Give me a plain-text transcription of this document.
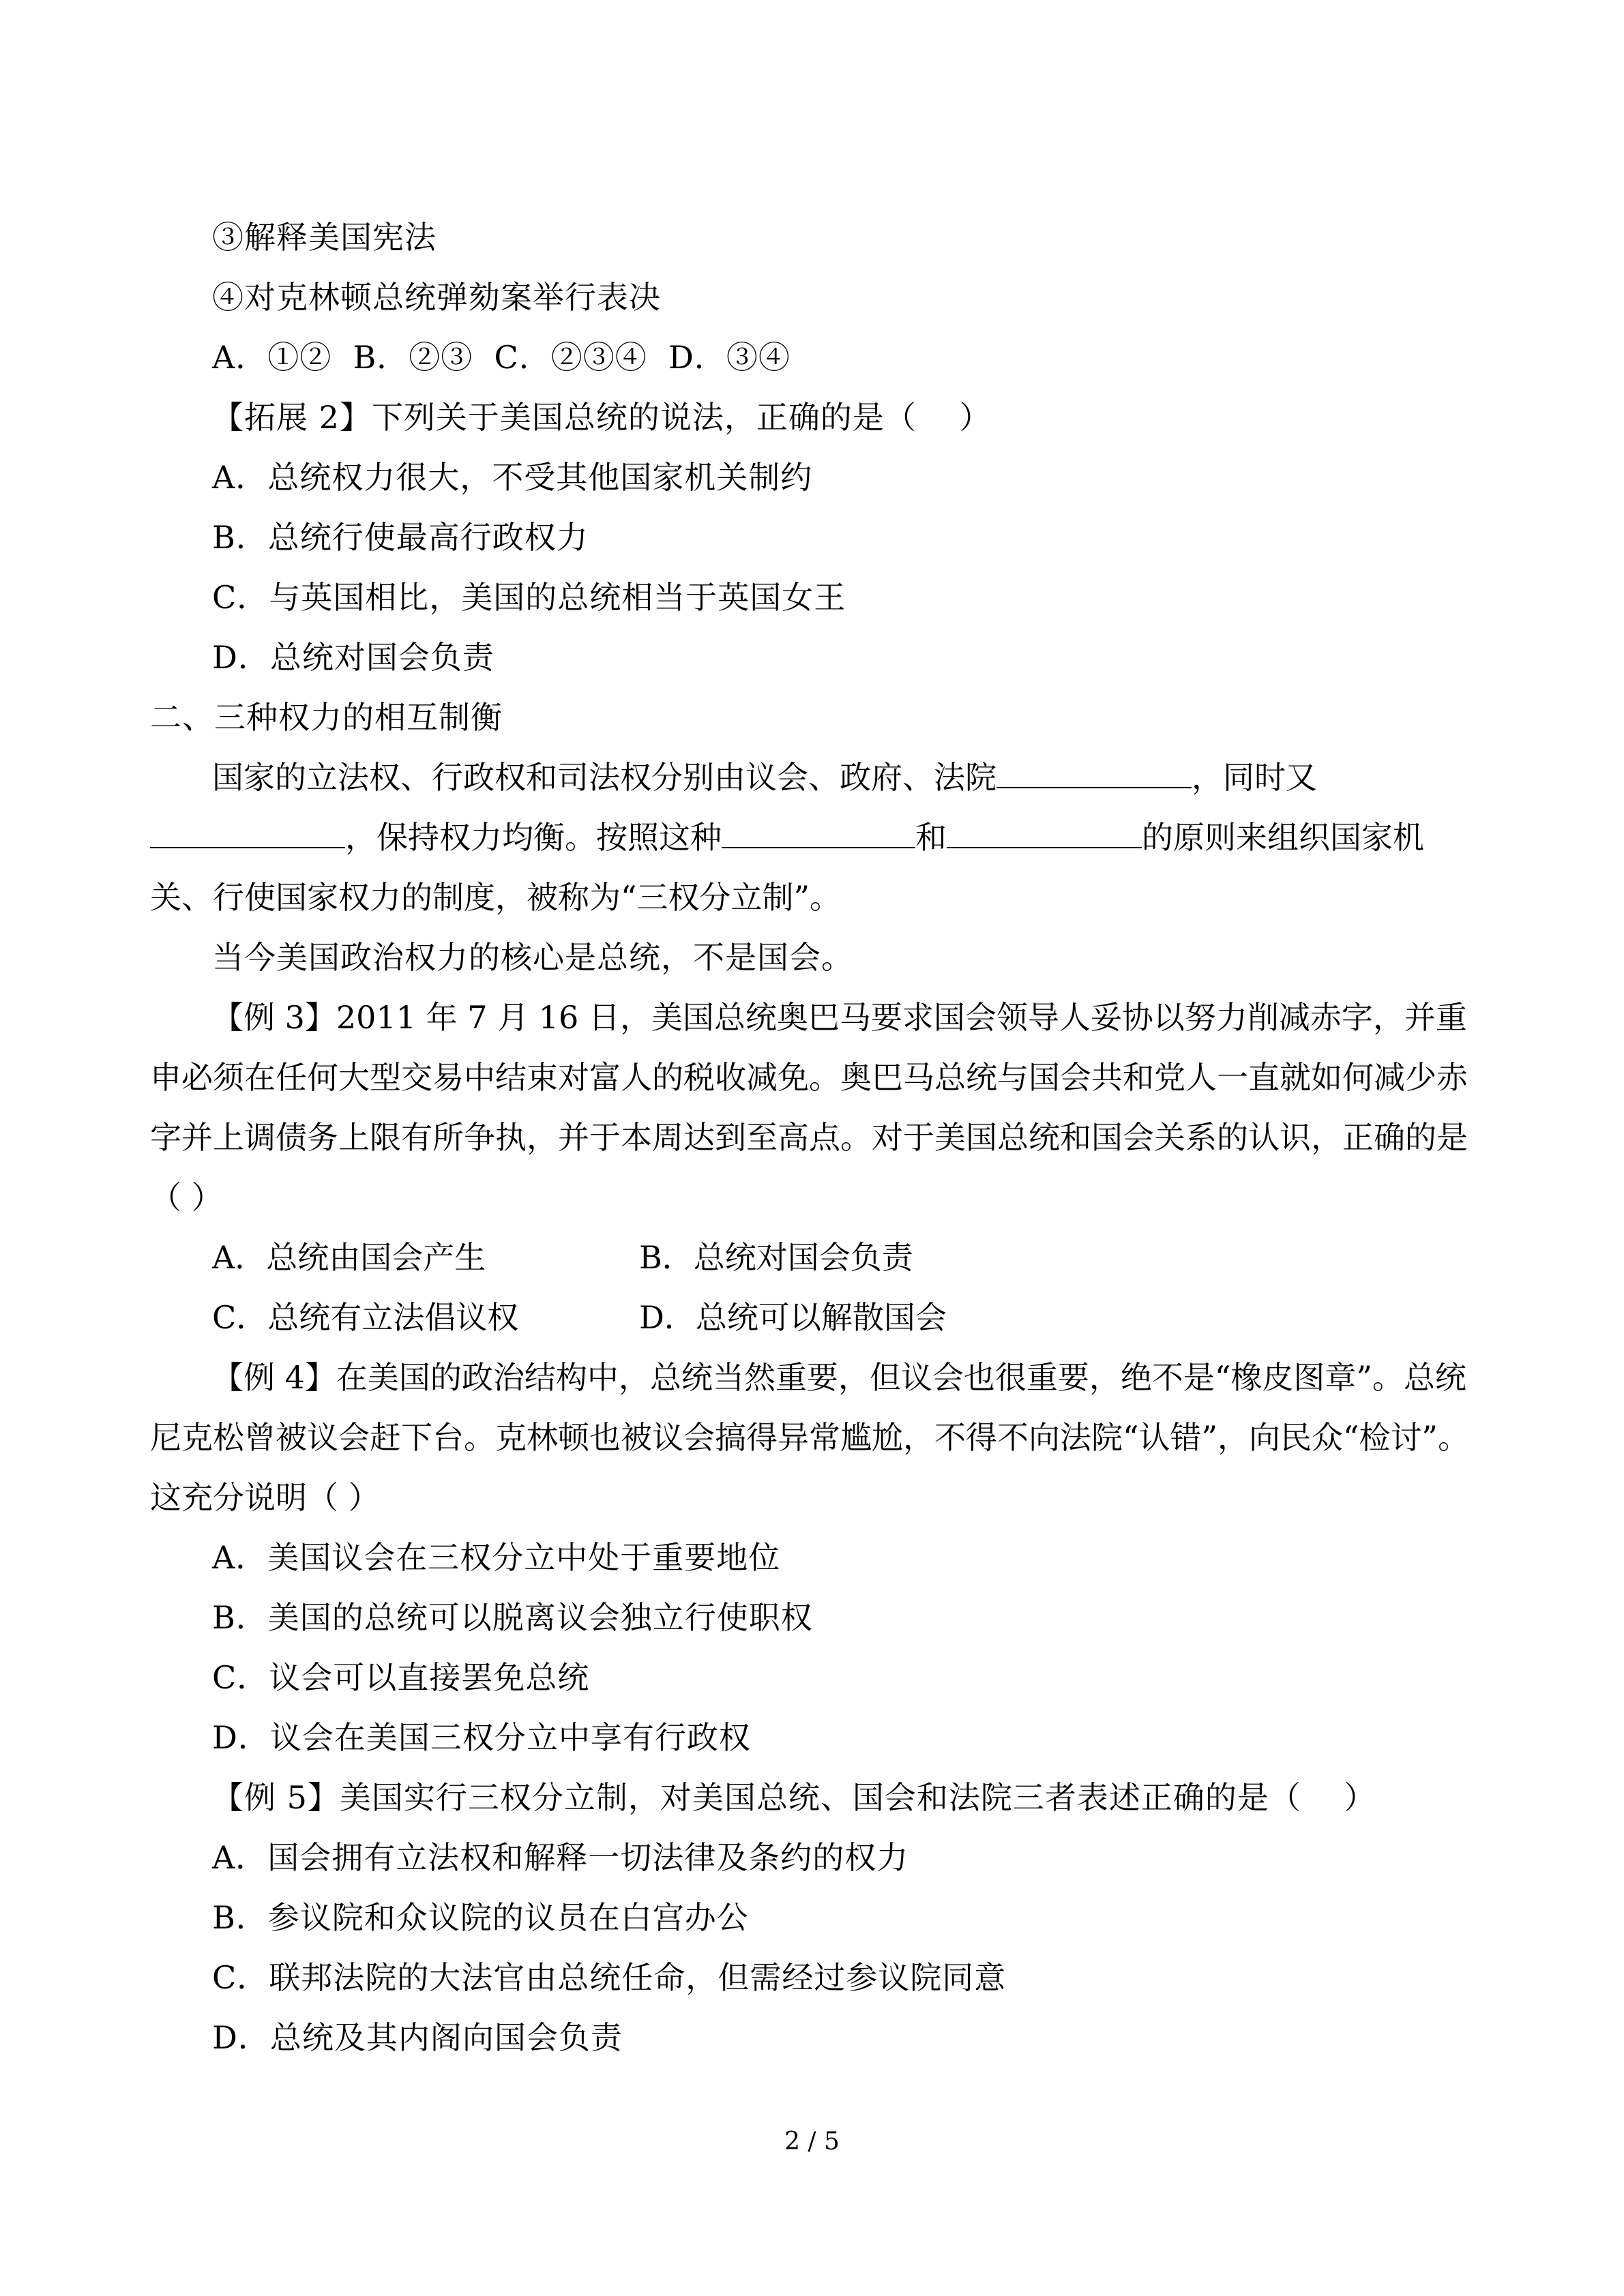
③解释美国宪法
④对克林顿总统弹劾案举行表决
A．①②  B．②③  C．②③④  D．③④
【拓展 2】下列关于美国总统的说法，正确的是（    ）
A．总统权力很大，不受其他国家机关制约
B．总统行使最高行政权力
C．与英国相比，美国的总统相当于英国女王
D．总统对国会负责
二、三种权力的相互制衡
国家的立法权、行政权和司法权分别由议会、政府、法院	，同时又，保持权力均衡。按照这种	和	的原则来组织国家机关、行使国家权力的制度，被称为“三权分立制”。
当今美国政治权力的核心是总统，不是国会。
【例 3】2011 年 7 月 16 日，美国总统奥巴马要求国会领导人妥协以努力削减赤字，并重申必须在任何大型交易中结束对富人的税收减免。奥巴马总统与国会共和党人一直就如何减少赤字并上调债务上限有所争执，并于本周达到至高点。对于美国总统和国会关系的认识，正确的是（ ）
A．总统由国会产生	B．总统对国会负责
C．总统有立法倡议权	D．总统可以解散国会
【例 4】在美国的政治结构中，总统当然重要，但议会也很重要，绝不是“橡皮图章”。总统尼克松曾被议会赶下台。克林顿也被议会搞得异常尴尬，不得不向法院“认错”，向民众“检讨”。这充分说明（ ）
A．美国议会在三权分立中处于重要地位
B．美国的总统可以脱离议会独立行使职权
C．议会可以直接罢免总统
D．议会在美国三权分立中享有行政权
【例 5】美国实行三权分立制，对美国总统、国会和法院三者表述正确的是（    ）
A．国会拥有立法权和解释一切法律及条约的权力
B．参议院和众议院的议员在白宫办公
C．联邦法院的大法官由总统任命，但需经过参议院同意
D．总统及其内阁向国会负责
2 / 5
